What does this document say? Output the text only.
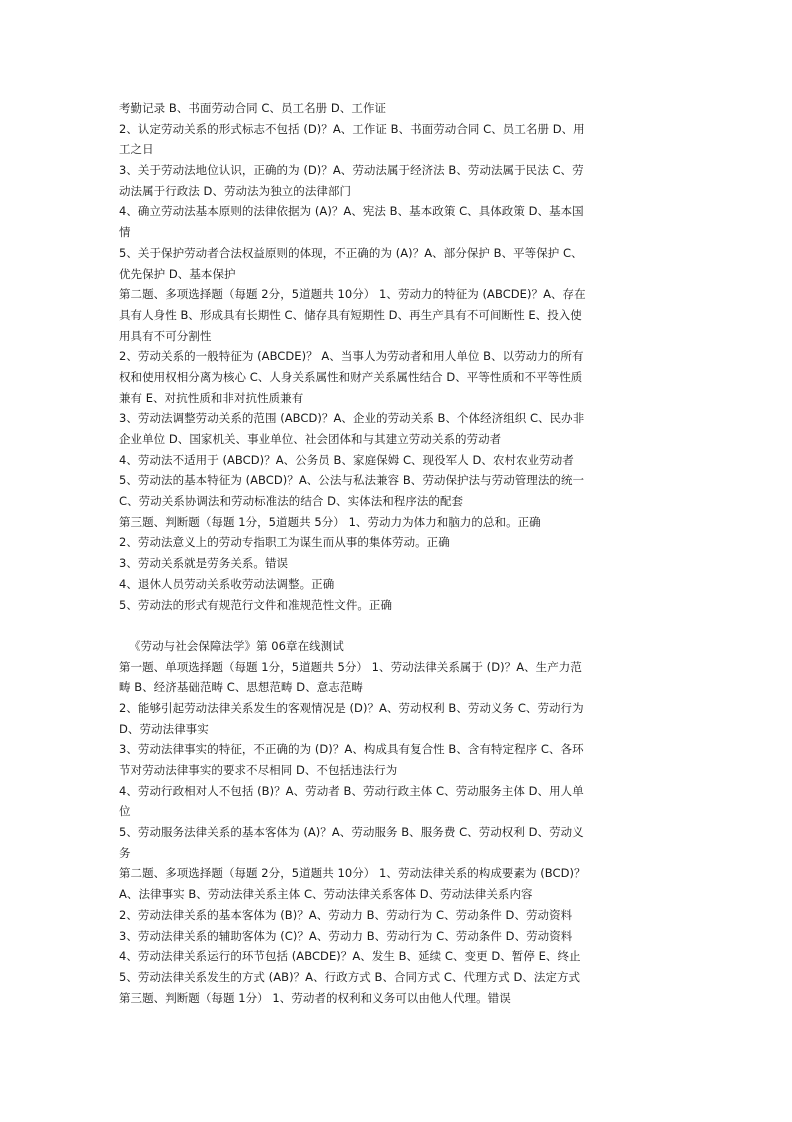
考勤记录 B、书面劳动合同 C、员工名册 D、工作证
2、认定劳动关系的形式标志不包括 (D)？A、工作证 B、书面劳动合同 C、员工名册 D、用
工之日
3、关于劳动法地位认识，正确的为 (D)？A、劳动法属于经济法 B、劳动法属于民法 C、劳
动法属于行政法 D、劳动法为独立的法律部门
4、确立劳动法基本原则的法律依据为 (A)？A、宪法 B、基本政策 C、具体政策 D、基本国
情
5、关于保护劳动者合法权益原则的体现，不正确的为 (A)？A、部分保护 B、平等保护 C、
优先保护 D、基本保护
第二题、多项选择题（每题 2分，5道题共 10分） 1、劳动力的特征为 (ABCDE)？A、存在
具有人身性 B、形成具有长期性 C、储存具有短期性 D、再生产具有不可间断性 E、投入使
用具有不可分割性
2、劳动关系的一般特征为 (ABCDE)？ A、当事人为劳动者和用人单位 B、以劳动力的所有
权和使用权相分离为核心 C、人身关系属性和财产关系属性结合 D、平等性质和不平等性质
兼有 E、对抗性质和非对抗性质兼有
3、劳动法调整劳动关系的范围 (ABCD)？A、企业的劳动关系 B、个体经济组织 C、民办非
企业单位 D、国家机关、事业单位、社会团体和与其建立劳动关系的劳动者
4、劳动法不适用于 (ABCD)？A、公务员 B、家庭保姆 C、现役军人 D、农村农业劳动者
5、劳动法的基本特征为 (ABCD)？A、公法与私法兼容 B、劳动保护法与劳动管理法的统一
C、劳动关系协调法和劳动标准法的结合 D、实体法和程序法的配套
第三题、判断题（每题 1分，5道题共 5分） 1、劳动力为体力和脑力的总和。正确
2、劳动法意义上的劳动专指职工为谋生而从事的集体劳动。正确
3、劳动关系就是劳务关系。错误
4、退休人员劳动关系收劳动法调整。正确
5、劳动法的形式有规范行文件和准规范性文件。正确
《劳动与社会保障法学》第 06章在线测试
第一题、单项选择题（每题 1分，5道题共 5分） 1、劳动法律关系属于 (D)？A、生产力范
畴 B、经济基础范畴 C、思想范畴 D、意志范畴
2、能够引起劳动法律关系发生的客观情况是 (D)？A、劳动权利 B、劳动义务 C、劳动行为
D、劳动法律事实
3、劳动法律事实的特征，不正确的为 (D)？A、构成具有复合性 B、含有特定程序 C、各环
节对劳动法律事实的要求不尽相同 D、不包括违法行为
4、劳动行政相对人不包括 (B)？A、劳动者 B、劳动行政主体 C、劳动服务主体 D、用人单
位
5、劳动服务法律关系的基本客体为 (A)？A、劳动服务 B、服务费 C、劳动权利 D、劳动义
务
第二题、多项选择题（每题 2分，5道题共 10分） 1、劳动法律关系的构成要素为 (BCD)？
A、法律事实 B、劳动法律关系主体 C、劳动法律关系客体 D、劳动法律关系内容
2、劳动法律关系的基本客体为 (B)？A、劳动力 B、劳动行为 C、劳动条件 D、劳动资料
3、劳动法律关系的辅助客体为 (C)？A、劳动力 B、劳动行为 C、劳动条件 D、劳动资料
4、劳动法律关系运行的环节包括 (ABCDE)？A、发生 B、延续 C、变更 D、暂停 E、终止
5、劳动法律关系发生的方式 (AB)？A、行政方式 B、合同方式 C、代理方式 D、法定方式
第三题、判断题（每题 1分） 1、劳动者的权利和义务可以由他人代理。错误
